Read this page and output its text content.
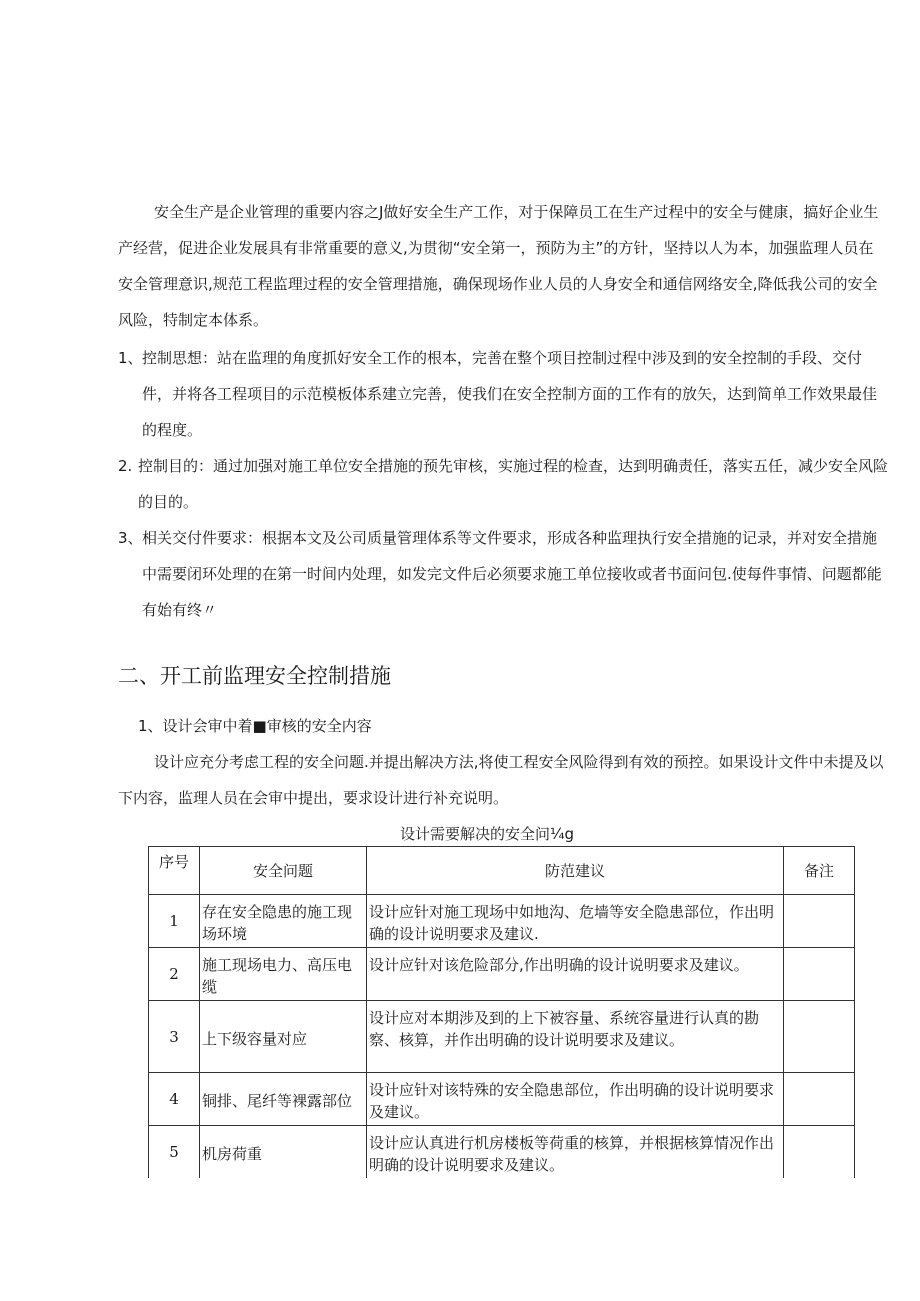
安全生产是企业管理的重要内容之J做好安全生产工作，对于保障员工在生产过程中的安全与健康，搞好企业生产经营，促进企业发展具有非常重要的意义,为贯彻“安全第一，预防为主”的方针，坚持以人为本，加强监理人员在安全管理意识,规范工程监理过程的安全管理措施，确保现场作业人员的人身安全和通信网络安全,降低我公司的安全风险，特制定本体系。

1、 控制思想：站在监理的角度抓好安全工作的根本，完善在整个项目控制过程中涉及到的安全控制的手段、交付件，并将各工程项目的示范模板体系建立完善，使我们在安全控制方面的工作有的放矢，达到简单工作效果最佳的程度。
2. 控制目的：通过加强对施工单位安全措施的预先审核，实施过程的检查，达到明确责任，落实五任，减少安全风险的目的。
3、 相关交付件要求：根据本文及公司质量管理体系等文件要求，形成各种监理执行安全措施的记录，并对安全措施中需要闭环处理的在第一时间内处理，如发完文件后必须要求施工单位接收或者书面问包.使每件事情、问题都能有始有终〃
二、开工前监理安全控制措施
1、设计会审中着■审核的安全内容

设计应充分考虑工程的安全问题.并提出解决方法,将使工程安全风险得到有效的预控。如果设计文件中未提及以下内容，监理人员在会审中提出，要求设计进行补充说明。

设计需要解决的安全问¼g
序号	安全问题	防范建议	备注
1	存在安全隐患的施工现场环境	设计应针对施工现场中如地沟、危墙等安全隐患部位，作出明确的设计说明要求及建议.	
2	施工现场电力、高压电缆	设计应针对该危险部分,作出明确的设计说明要求及建议。	
3	上下级容量对应	设计应对本期涉及到的上下被容量、系统容量进行认真的勘察、核算，并作出明确的设计说明要求及建议。	
4	铜排、尾纤等裸露部位	设计应针对该特殊的安全隐患部位，作出明确的设计说明要求及建议。	
5	机房荷重	设计应认真进行机房楼板等荷重的核算，并根据核算情况作出明确的设计说明要求及建议。	
